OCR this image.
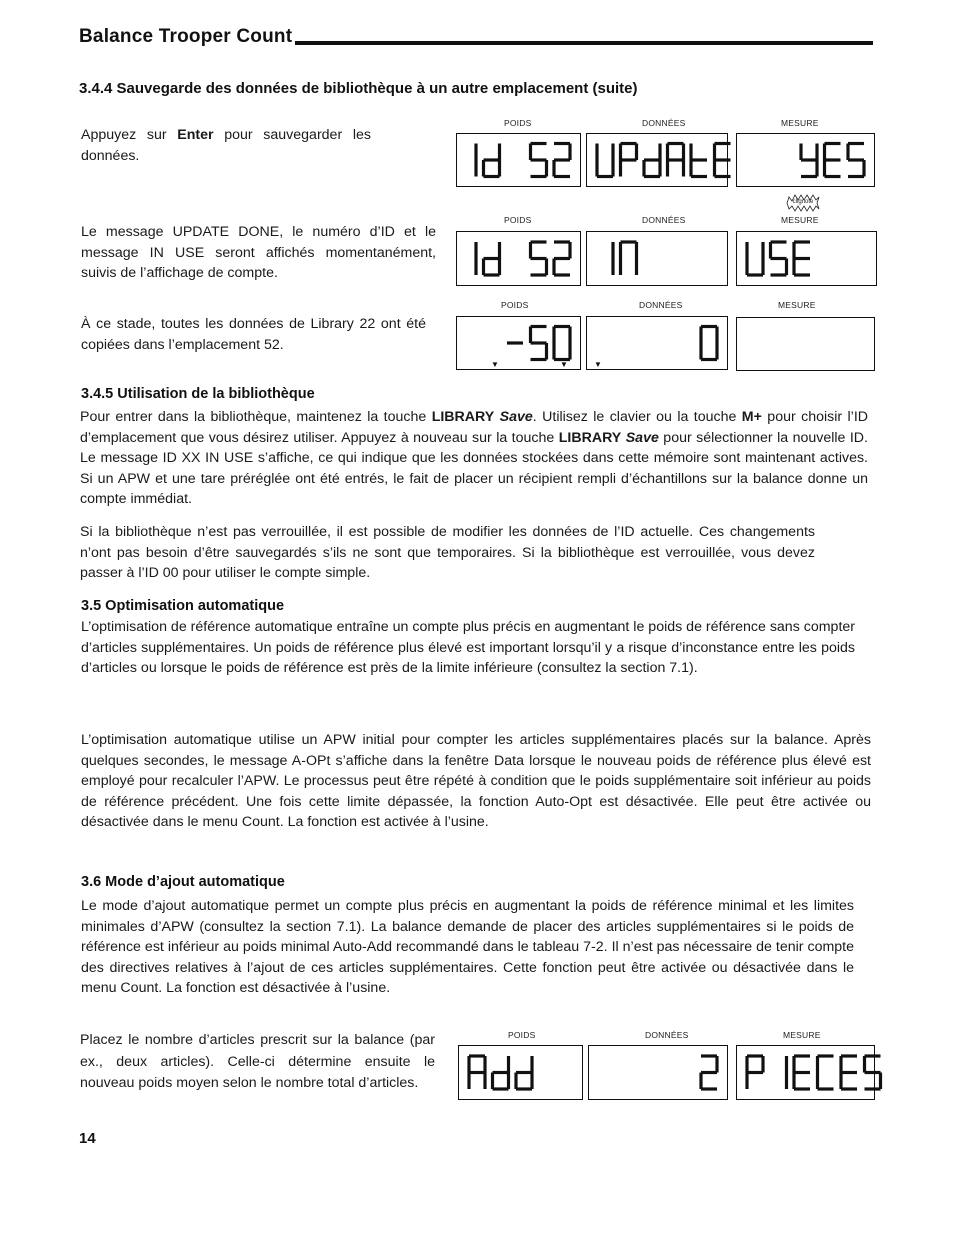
Balance Trooper Count
3.4.4 Sauvegarde des données de bibliothèque à un autre emplacement (suite)
Appuyez sur Enter pour sauvegarder les données.
Le message UPDATE DONE, le numéro d’ID et le message IN USE seront affichés momentanément, suivis de l’affichage de compte.
À ce stade, toutes les données de Library 22 ont été copiées dans l’emplacement 52.
POIDS	DONNÉES	MESURE
clignote
POIDS	DONNÉES	MESURE
POIDS	DONNÉES	MESURE
▼	▼	▼
3.4.5 Utilisation de la bibliothèque
Pour entrer dans la bibliothèque, maintenez la touche LIBRARY Save. Utilisez le clavier ou la touche M+ pour choisir l’ID d’emplacement que vous désirez utiliser. Appuyez à nouveau sur la touche LIBRARY Save pour sélectionner la nouvelle ID. Le message ID XX IN USE s’affiche, ce qui indique que les données stockées dans cette mémoire sont maintenant actives. Si un APW et une tare préréglée ont été entrés, le fait de placer un récipient rempli d’échantillons sur la balance donne un compte immédiat.
Si la bibliothèque n’est pas verrouillée, il est possible de modifier les données de l’ID actuelle. Ces changements n’ont pas besoin d’être sauvegardés s’ils ne sont que temporaires. Si la bibliothèque est verrouillée, vous devez passer à l’ID 00 pour utiliser le compte simple.
3.5 Optimisation automatique
L’optimisation de référence automatique entraîne un compte plus précis en augmentant le poids de référence sans compter d’articles supplémentaires. Un poids de référence plus élevé est important lorsqu’il y a risque d’inconstance entre les poids d’articles ou lorsque le poids de référence est près de la limite inférieure (consultez la section 7.1).
L’optimisation automatique utilise un APW initial pour compter les articles supplémentaires placés sur la balance. Après quelques secondes, le message A-OPt s’affiche dans la fenêtre Data lorsque le nouveau poids de référence plus élevé est employé pour recalculer l’APW. Le processus peut être répété à condition que le poids supplémentaire soit inférieur au poids de référence précédent. Une fois cette limite dépassée, la fonction Auto-Opt est désactivée. Elle peut être activée ou désactivée dans le menu Count. La fonction est activée à l’usine.
3.6 Mode d’ajout automatique
Le mode d’ajout automatique permet un compte plus précis en augmentant la poids de référence minimal et les limites minimales d’APW (consultez la section 7.1). La balance demande de placer des articles supplémentaires si le poids de référence est inférieur au poids minimal Auto-Add recommandé dans le tableau 7-2. Il n’est pas nécessaire de tenir compte des directives relatives à l’ajout de ces articles supplémentaires. Cette fonction peut être activée ou désactivée dans le menu Count. La fonction est désactivée à l’usine.
Placez le nombre d’articles prescrit sur la balance (par ex., deux articles). Celle-ci détermine ensuite le nouveau poids moyen selon le nombre total d’articles.
POIDS	DONNÉES	MESURE
14
